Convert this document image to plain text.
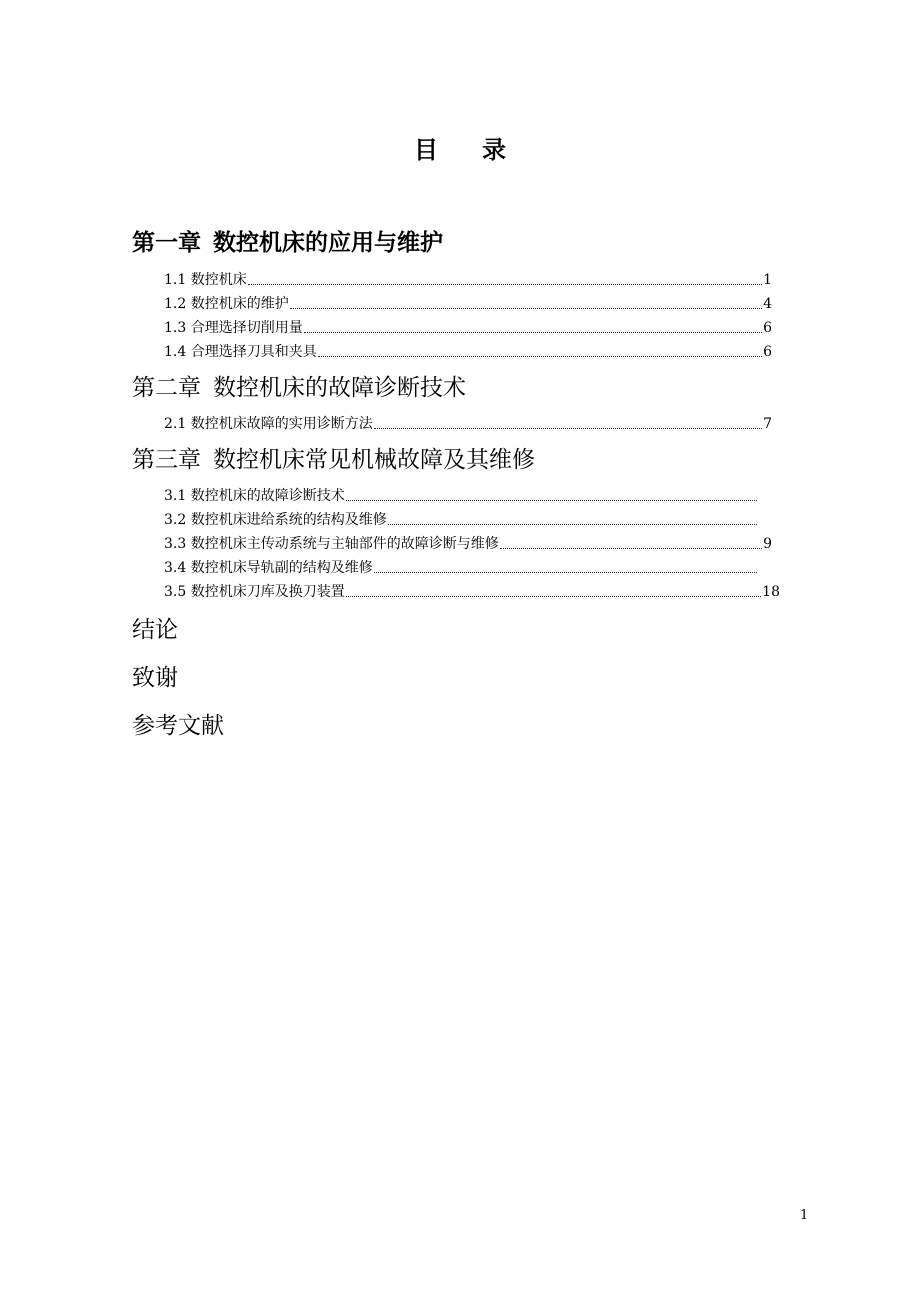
目 录
第一章 数控机床的应用与维护
1.1 数控机床	1
1.2 数控机床的维护	4
1.3 合理选择切削用量	6
1.4 合理选择刀具和夹具	6
第二章 数控机床的故障诊断技术
2.1 数控机床故障的实用诊断方法	7
第三章 数控机床常见机械故障及其维修
3.1 数控机床的故障诊断技术
3.2 数控机床进给系统的结构及维修
3.3 数控机床主传动系统与主轴部件的故障诊断与维修	9
3.4 数控机床导轨副的结构及维修
3.5 数控机床刀库及换刀装置	18
结论
致谢
参考文献
1
